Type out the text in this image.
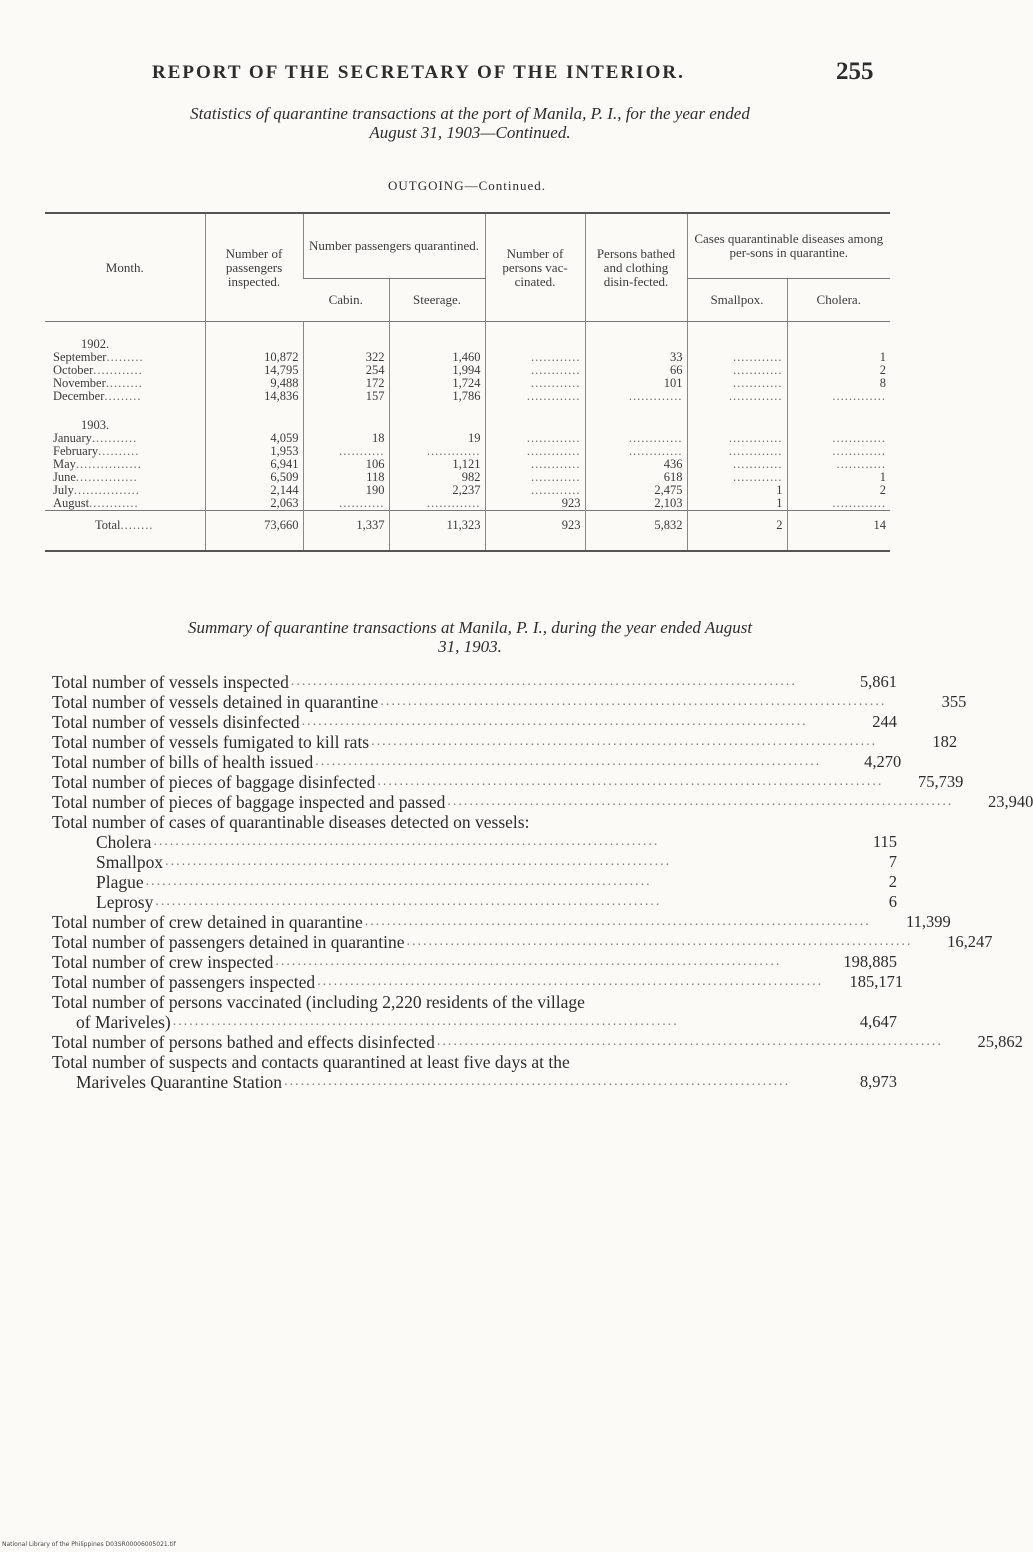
REPORT OF THE SECRETARY OF THE INTERIOR.	255
Statistics of quarantine transactions at the port of Manila, P. I., for the year ended
August 31, 1903—Continued.
OUTGOING—Continued.
Month.	Number of passengers inspected.	Number passengers quarantined.		Number of persons vac-cinated.	Persons bathed and clothing disin-fected.	Cases quarantinable diseases among per-sons in quarantine.	
		Cabin.	Steerage.			Smallpox.	Cholera.
1902.							
September.........	10,872	322	1,460	............	33	............	1
October............	14,795	254	1,994	............	66	............	2
November.........	9,488	172	1,724	............	101	............	8
December.........	14,836	157	1,786	.............	.............	.............	.............
1903.							
January...........	4,059	18	19	.............	.............	.............	.............
February..........	1,953	...........	.............	.............	.............	.............	.............
May................	6,941	106	1,121	............	436	............	............
June...............	6,509	118	982	............	618	............	1
July................	2,144	190	2,237	............	2,475	1	2
August............	2,063	...........	.............	923	2,103	1	.............
Total........	73,660	1,337	11,323	923	5,832	2	14
Summary of quarantine transactions at Manila, P. I., during the year ended August
31, 1903.
Total number of vessels inspected ............................................................................................	5,861
Total number of vessels detained in quarantine ............................................................................................	355
Total number of vessels disinfected ............................................................................................	244
Total number of vessels fumigated to kill rats ............................................................................................	182
Total number of bills of health issued ............................................................................................	4,270
Total number of pieces of baggage disinfected ............................................................................................	75,739
Total number of pieces of baggage inspected and passed ............................................................................................	23,940
Total number of cases of quarantinable diseases detected on vessels:
Cholera ............................................................................................	115
Smallpox ............................................................................................	7
Plague ............................................................................................	2
Leprosy ............................................................................................	6
Total number of crew detained in quarantine ............................................................................................	11,399
Total number of passengers detained in quarantine ............................................................................................	16,247
Total number of crew inspected ............................................................................................	198,885
Total number of passengers inspected ............................................................................................	185,171
Total number of persons vaccinated (including 2,220 residents of the village
of Mariveles) ............................................................................................	4,647
Total number of persons bathed and effects disinfected ............................................................................................	25,862
Total number of suspects and contacts quarantined at least five days at the
Mariveles Quarantine Station ............................................................................................	8,973
National Library of the Philippines D03SR00006005021.tif
